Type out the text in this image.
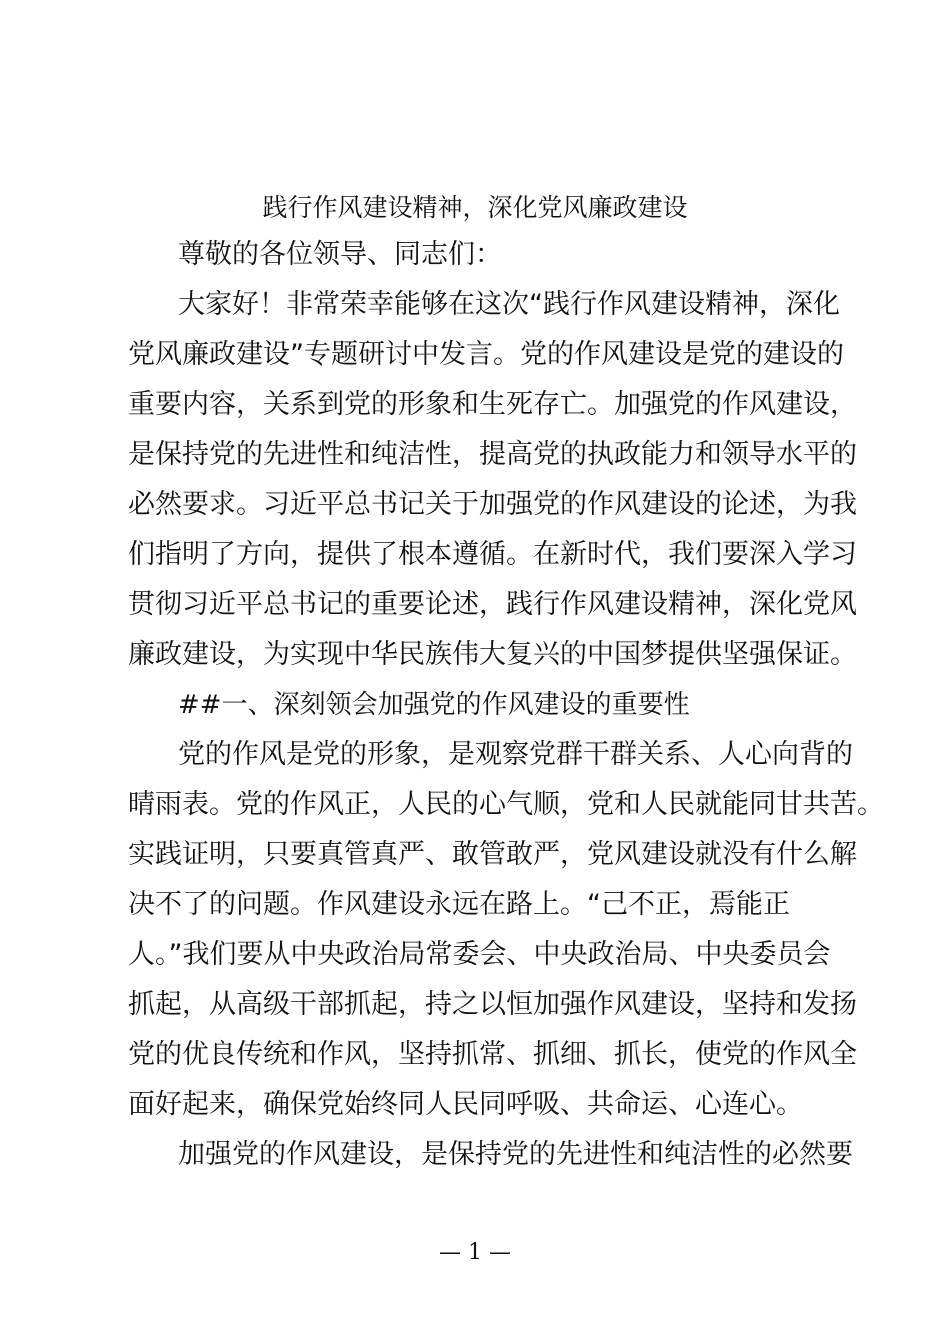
践行作风建设精神，深化党风廉政建设
尊敬的各位领导、同志们：
大家好！非常荣幸能够在这次“践行作风建设精神，深化
党风廉政建设”专题研讨中发言。党的作风建设是党的建设的
重要内容，关系到党的形象和生死存亡。加强党的作风建设，
是保持党的先进性和纯洁性，提高党的执政能力和领导水平的
必然要求。习近平总书记关于加强党的作风建设的论述，为我
们指明了方向，提供了根本遵循。在新时代，我们要深入学习
贯彻习近平总书记的重要论述，践行作风建设精神，深化党风
廉政建设，为实现中华民族伟大复兴的中国梦提供坚强保证。
##一、深刻领会加强党的作风建设的重要性
党的作风是党的形象，是观察党群干群关系、人心向背的
晴雨表。党的作风正，人民的心气顺，党和人民就能同甘共苦。
实践证明，只要真管真严、敢管敢严，党风建设就没有什么解
决不了的问题。作风建设永远在路上。“己不正，焉能正
人。”我们要从中央政治局常委会、中央政治局、中央委员会
抓起，从高级干部抓起，持之以恒加强作风建设，坚持和发扬
党的优良传统和作风，坚持抓常、抓细、抓长，使党的作风全
面好起来，确保党始终同人民同呼吸、共命运、心连心。
加强党的作风建设，是保持党的先进性和纯洁性的必然要
— 1 —
